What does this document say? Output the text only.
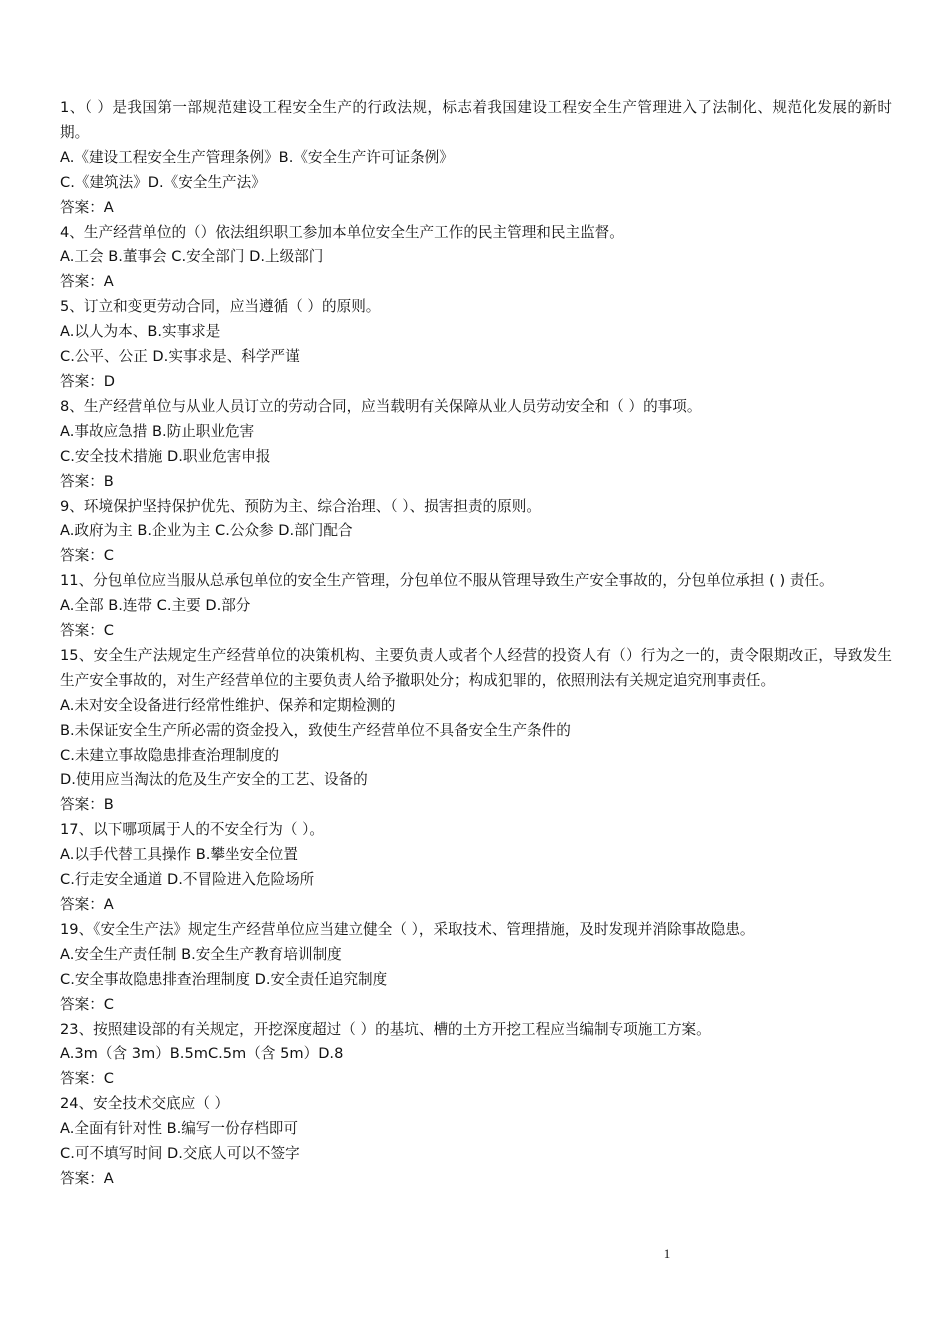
1、（ ）是我国第一部规范建设工程安全生产的行政法规，标志着我国建设工程安全生产管理进入了法制化、规范化发展的新时期。
A.《建设工程安全生产管理条例》B.《安全生产许可证条例》
C.《建筑法》D.《安全生产法》
答案：A
4、生产经营单位的（）依法组织职工参加本单位安全生产工作的民主管理和民主监督。
A.工会 B.董事会 C.安全部门 D.上级部门
答案：A
5、订立和变更劳动合同，应当遵循（ ）的原则。
A.以人为本、B.实事求是
C.公平、公正 D.实事求是、科学严谨
答案：D
8、生产经营单位与从业人员订立的劳动合同，应当载明有关保障从业人员劳动安全和（ ）的事项。
A.事故应急措 B.防止职业危害
C.安全技术措施 D.职业危害申报
答案：B
9、环境保护坚持保护优先、预防为主、综合治理、（ ）、损害担责的原则。
A.政府为主 B.企业为主 C.公众参 D.部门配合
答案：C
11、分包单位应当服从总承包单位的安全生产管理，分包单位不服从管理导致生产安全事故的，分包单位承担 ( ) 责任。
A.全部 B.连带 C.主要 D.部分
答案：C
15、安全生产法规定生产经营单位的决策机构、主要负责人或者个人经营的投资人有（）行为之一的，责令限期改正，导致发生生产安全事故的，对生产经营单位的主要负责人给予撤职处分；构成犯罪的，依照刑法有关规定追究刑事责任。
A.未对安全设备进行经常性维护、保养和定期检测的
B.未保证安全生产所必需的资金投入，致使生产经营单位不具备安全生产条件的
C.未建立事故隐患排查治理制度的
D.使用应当淘汰的危及生产安全的工艺、设备的
答案：B
17、以下哪项属于人的不安全行为（ ）。
A.以手代替工具操作 B.攀坐安全位置
C.行走安全通道 D.不冒险进入危险场所
答案：A
19、《安全生产法》规定生产经营单位应当建立健全（ ），采取技术、管理措施，及时发现并消除事故隐患。
A.安全生产责任制 B.安全生产教育培训制度
C.安全事故隐患排查治理制度 D.安全责任追究制度
答案：C
23、按照建设部的有关规定，开挖深度超过（ ）的基坑、槽的土方开挖工程应当编制专项施工方案。
A.3m（含 3m）B.5mC.5m（含 5m）D.8
答案：C
24、安全技术交底应（ ）
A.全面有针对性 B.编写一份存档即可
C.可不填写时间 D.交底人可以不签字
答案：A
1
